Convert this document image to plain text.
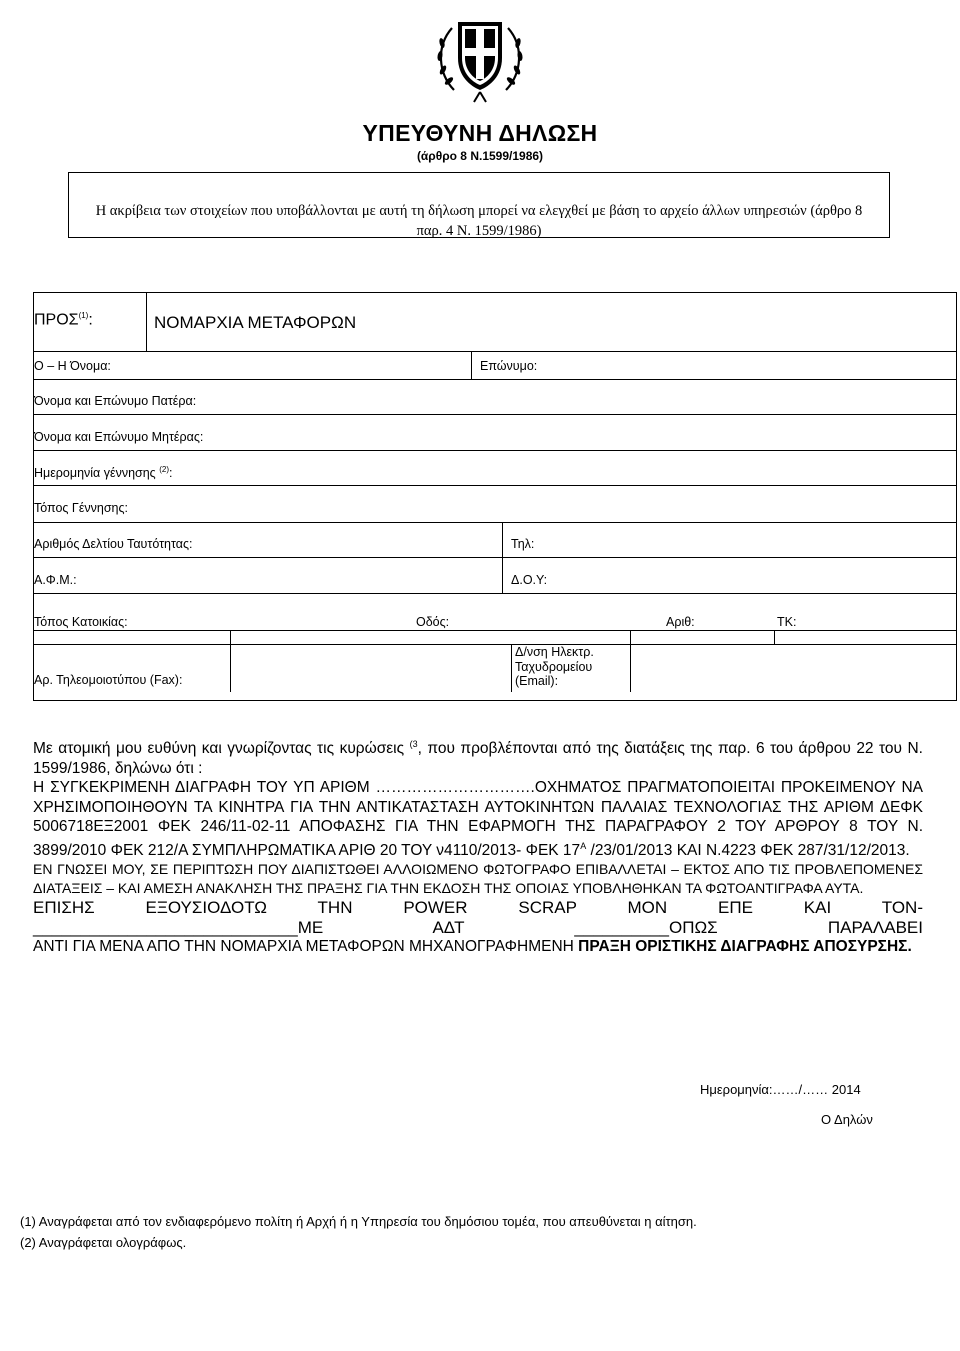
ΥΠΕΥΘΥΝΗ ΔΗΛΩΣΗ
(άρθρο 8 Ν.1599/1986)
Η ακρίβεια των στοιχείων που υποβάλλονται με αυτή τη δήλωση μπορεί να ελεγχθεί με βάση το αρχείο άλλων υπηρεσιών (άρθρο 8
παρ. 4 Ν. 1599/1986)
ΠΡΟΣ$^{(1)}$:	ΝΟΜΑΡΧΙΑ ΜΕΤΑΦΟΡΩΝ
Ο – Η Όνομα:	Επώνυμο:
Όνομα και Επώνυμο Πατέρα:
Όνομα και Επώνυμο Μητέρας:
Ημερομηνία γέννησης $^{(2)}$:
Τόπος Γέννησης:
Αριθμός Δελτίου Ταυτότητας:	Τηλ:
Α.Φ.Μ.:	Δ.Ο.Υ:
Τόπος Κατοικίας:	Οδός:	Αριθ:	ΤΚ:
Αρ. Τηλεομοιοτύπου (Fax):
Δ/νση Ηλεκτρ.
Ταχυδρομείου
(Email):

Με ατομική μου ευθύνη και γνωρίζοντας τις κυρώσεις $^{(3}$, που προβλέπονται από της διατάξεις της παρ. 6 του άρθρου 22 του Ν. 1599/1986, δηλώνω ότι :

Η ΣΥΓΚΕΚΡΙΜΕΝΗ ΔΙΑΓΡΑΦΗ ΤΟΥ ΥΠ ΑΡΙΘΜ ………………………….ΟΧΗΜΑΤΟΣ ΠΡΑΓΜΑΤΟΠΟΙΕΙΤΑΙ ΠΡΟΚΕΙΜΕΝΟΥ ΝΑ ΧΡΗΣΙΜΟΠΟΙΗΘΟΥΝ ΤΑ ΚΙΝΗΤΡΑ ΓΙΑ ΤΗΝ ΑΝΤΙΚΑΤΑΣΤΑΣΗ ΑΥΤΟΚΙΝΗΤΩΝ ΠΑΛΑΙΑΣ ΤΕΧΝΟΛΟΓΙΑΣ ΤΗΣ ΑΡΙΘΜ ΔΕΦΚ 5006718ΕΞ2001 ΦΕΚ 246/11-02-11 ΑΠΟΦΑΣΗΣ ΓΙΑ ΤΗΝ ΕΦΑΡΜΟΓΗ ΤΗΣ ΠΑΡΑΓΡΑΦΟΥ 2 ΤΟΥ ΑΡΘΡΟΥ 8 ΤΟΥ Ν. 3899/2010 ΦΕΚ 212/Α ΣΥΜΠΛΗΡΩΜΑΤΙΚΑ ΑΡΙΘ 20 ΤΟΥ ν4110/2013- ΦΕΚ $17^A$ /23/01/2013 ΚΑΙ Ν.4223 ΦΕΚ 287/31/12/2013.

ΕΝ ΓΝΩΣΕΙ ΜΟΥ, ΣΕ ΠΕΡΙΠΤΩΣΗ ΠΟΥ ΔΙΑΠΙΣΤΩΘΕΙ ΑΛΛΟΙΩΜΕΝΟ ΦΩΤΟΓΡΑΦΟ ΕΠΙΒΑΛΛΕΤΑΙ – ΕΚΤΟΣ ΑΠΟ ΤΙΣ ΠΡΟΒΛΕΠΟΜΕΝΕΣ ΔΙΑΤΑΞΕΙΣ – ΚΑΙ ΑΜΕΣΗ ΑΝΑΚΛΗΣΗ ΤΗΣ ΠΡΑΞΗΣ ΓΙΑ ΤΗΝ ΕΚΔΟΣΗ ΤΗΣ ΟΠΟΙΑΣ ΥΠΟΒΛΗΘΗΚΑΝ ΤΑ ΦΩΤΟΑΝΤΙΓΡΑΦΑ ΑΥΤΑ.

ΕΠΙΣΗΣ ΕΞΟΥΣΙΟΔΟΤΩ ΤΗΝ POWER SCRAP ΜΟΝ ΕΠΕ ΚΑΙ ΤΟΝ-

____________________________ΜΕ ΑΔΤ __________ΟΠΩΣ ΠΑΡΑΛΑΒΕΙ

ΑΝΤΙ ΓΙΑ ΜΕΝΑ ΑΠΟ ΤΗΝ ΝΟΜΑΡΧΙΑ ΜΕΤΑΦΟΡΩΝ ΜΗΧΑΝΟΓΡΑΦΗΜΕΝΗ ΠΡΑΞΗ ΟΡΙΣΤΙΚΗΣ ΔΙΑΓΡΑΦΗΣ ΑΠΟΣΥΡΣΗΣ.

Ημερομηνία:……/…… 2014
Ο Δηλών
(1) Αναγράφεται από τον ενδιαφερόμενο πολίτη ή Αρχή ή η Υπηρεσία του δημόσιου τομέα, που απευθύνεται η αίτηση.
(2) Αναγράφεται ολογράφως.
